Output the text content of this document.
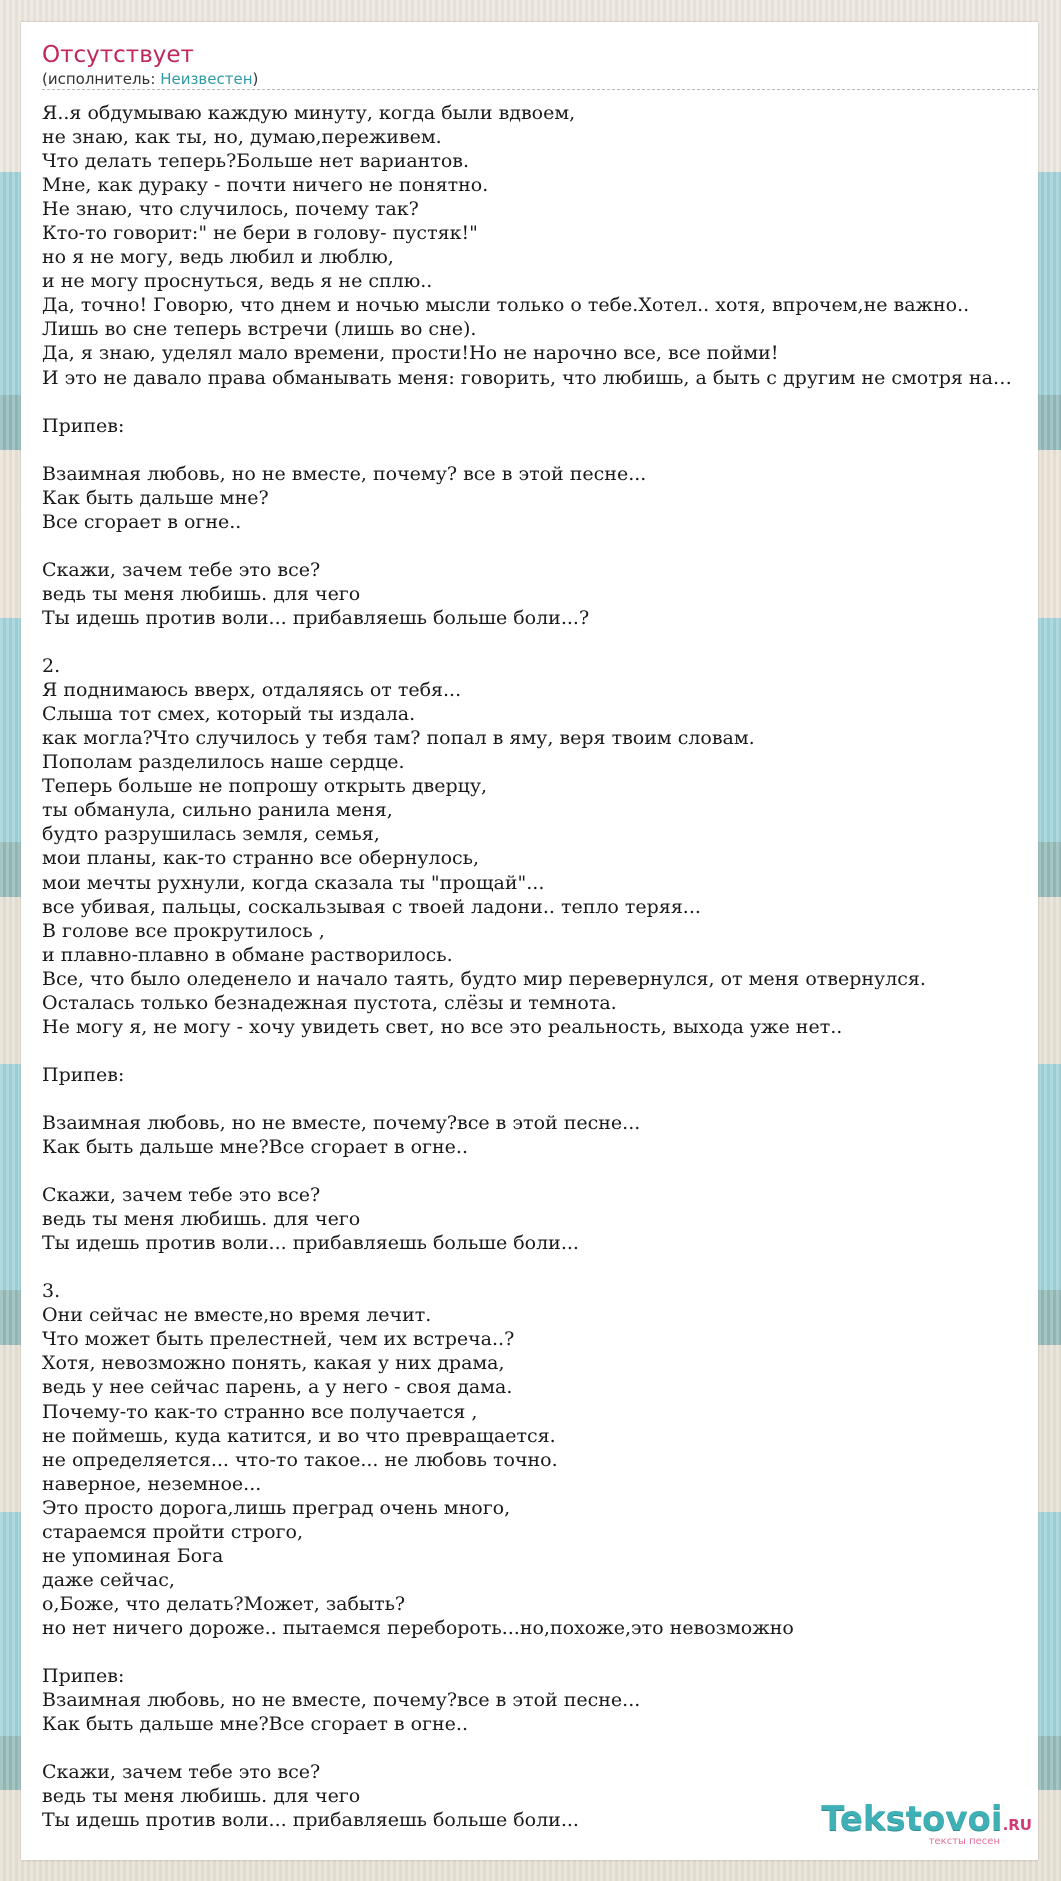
Отсутствует
(исполнитель: Неизвестен)
Я..я обдумываю каждую минуту, когда были вдвоем,
не знаю, как ты, но, думаю,переживем.
Что делать теперь?Больше нет вариантов.
Мне, как дураку - почти ничего не понятно.
Не знаю, что случилось, почему так?
Кто-то говорит:" не бери в голову- пустяк!"
но я не могу, ведь любил и люблю,
и не могу проснуться, ведь я не сплю..
Да, точно! Говорю, что днем и ночью мысли только о тебе.Хотел.. хотя, впрочем,не важно..
Лишь во сне теперь встречи (лишь во сне).
Да, я знаю, уделял мало времени, прости!Но не нарочно все, все пойми!
И это не давало права обманывать меня: говорить, что любишь, а быть с другим не смотря на…

Припев:

Взаимная любовь, но не вместе, почему? все в этой песне...
Как быть дальше мне?
Все сгорает в огне..

Скажи, зачем тебе это все?
ведь ты меня любишь. для чего
Ты идешь против воли... прибавляешь больше боли...?

2.
Я поднимаюсь вверх, отдаляясь от тебя...
Слыша тот смех, который ты издала.
как могла?Что случилось у тебя там? попал в яму, веря твоим словам.
Пополам разделилось наше сердце.
Теперь больше не попрошу открыть дверцу,
ты обманула, сильно ранила меня,
будто разрушилась земля, семья,
мои планы, как-то странно все обернулось,
мои мечты рухнули, когда сказала ты "прощай"...
все убивая, пальцы, соскальзывая с твоей ладони.. тепло теряя...
В голове все прокрутилось ,
и плавно-плавно в обмане растворилось.
Все, что было оледенело и начало таять, будто мир перевернулся, от меня отвернулся.
Осталась только безнадежная пустота, слёзы и темнота.
Не могу я, не могу - хочу увидеть свет, но все это реальность, выхода уже нет..

Припев:

Взаимная любовь, но не вместе, почему?все в этой песне...
Как быть дальше мне?Все сгорает в огне..

Скажи, зачем тебе это все?
ведь ты меня любишь. для чего
Ты идешь против воли... прибавляешь больше боли...

3.
Они сейчас не вместе,но время лечит.
Что может быть прелестней, чем их встреча..?
Хотя, невозможно понять, какая у них драма,
ведь у нее сейчас парень, а у него - своя дама.
Почему-то как-то странно все получается ,
не поймешь, куда катится, и во что превращается.
не определяется... что-то такое... не любовь точно.
наверное, неземное...
Это просто дорога,лишь преград очень много,
стараемся пройти строго,
не упоминая Бога
даже сейчас,
о,Боже, что делать?Может, забыть?
но нет ничего дороже.. пытаемся перебороть...но,похоже,это невозможно

Припев:
Взаимная любовь, но не вместе, почему?все в этой песне...
Как быть дальше мне?Все сгорает в огне..

Скажи, зачем тебе это все?
ведь ты меня любишь. для чего
Ты идешь против воли... прибавляешь больше боли...	Tekstovoi.RU
тексты песен
